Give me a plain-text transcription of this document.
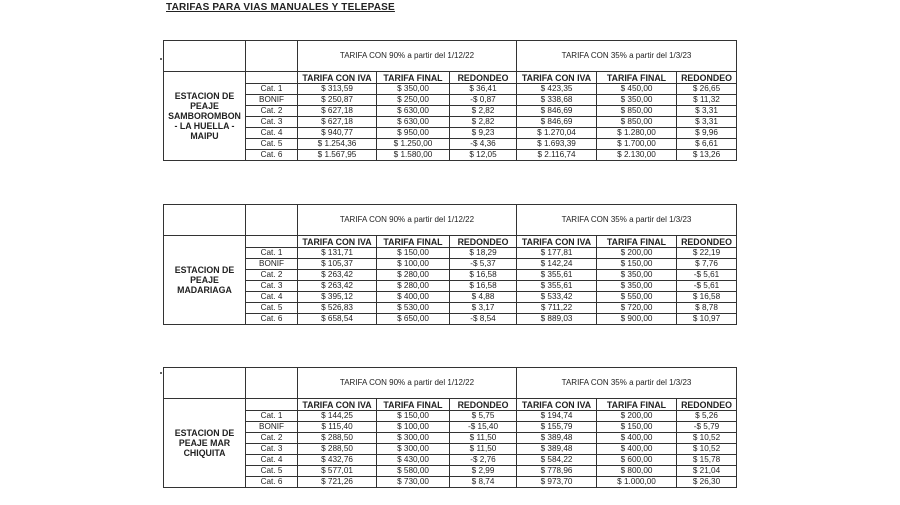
TARIFAS PARA VIAS MANUALES Y TELEPASE
		TARIFA CON 90% a partir del 1/12/22			TARIFA CON 35% a partir del 1/3/23		
ESTACION DE PEAJE SAMBOROMBON - LA HUELLA - MAIPU		TARIFA CON IVA	TARIFA FINAL	REDONDEO	TARIFA CON IVA	TARIFA FINAL	REDONDEO
	Cat. 1	$ 313,59	$ 350,00	$ 36,41	$ 423,35	$ 450,00	$ 26,65
	BONIF	$ 250,87	$ 250,00	-$ 0,87	$ 338,68	$ 350,00	$ 11,32
	Cat. 2	$ 627,18	$ 630,00	$ 2,82	$ 846,69	$ 850,00	$ 3,31
	Cat. 3	$ 627,18	$ 630,00	$ 2,82	$ 846,69	$ 850,00	$ 3,31
	Cat. 4	$ 940,77	$ 950,00	$ 9,23	$ 1.270,04	$ 1.280,00	$ 9,96
	Cat. 5	$ 1.254,36	$ 1.250,00	-$ 4,36	$ 1.693,39	$ 1.700,00	$ 6,61
	Cat. 6	$ 1.567,95	$ 1.580,00	$ 12,05	$ 2.116,74	$ 2.130,00	$ 13,26
		TARIFA CON 90% a partir del 1/12/22			TARIFA CON 35% a partir del 1/3/23		
ESTACION DE PEAJE MADARIAGA		TARIFA CON IVA	TARIFA FINAL	REDONDEO	TARIFA CON IVA	TARIFA FINAL	REDONDEO
	Cat. 1	$ 131,71	$ 150,00	$ 18,29	$ 177,81	$ 200,00	$ 22,19
	BONIF	$ 105,37	$ 100,00	-$ 5,37	$ 142,24	$ 150,00	$ 7,76
	Cat. 2	$ 263,42	$ 280,00	$ 16,58	$ 355,61	$ 350,00	-$ 5,61
	Cat. 3	$ 263,42	$ 280,00	$ 16,58	$ 355,61	$ 350,00	-$ 5,61
	Cat. 4	$ 395,12	$ 400,00	$ 4,88	$ 533,42	$ 550,00	$ 16,58
	Cat. 5	$ 526,83	$ 530,00	$ 3,17	$ 711,22	$ 720,00	$ 8,78
	Cat. 6	$ 658,54	$ 650,00	-$ 8,54	$ 889,03	$ 900,00	$ 10,97
		TARIFA CON 90% a partir del 1/12/22			TARIFA CON 35% a partir del 1/3/23		
ESTACION DE PEAJE MAR CHIQUITA		TARIFA CON IVA	TARIFA FINAL	REDONDEO	TARIFA CON IVA	TARIFA FINAL	REDONDEO
	Cat. 1	$ 144,25	$ 150,00	$ 5,75	$ 194,74	$ 200,00	$ 5,26
	BONIF	$ 115,40	$ 100,00	-$ 15,40	$ 155,79	$ 150,00	-$ 5,79
	Cat. 2	$ 288,50	$ 300,00	$ 11,50	$ 389,48	$ 400,00	$ 10,52
	Cat. 3	$ 288,50	$ 300,00	$ 11,50	$ 389,48	$ 400,00	$ 10,52
	Cat. 4	$ 432,76	$ 430,00	-$ 2,76	$ 584,22	$ 600,00	$ 15,78
	Cat. 5	$ 577,01	$ 580,00	$ 2,99	$ 778,96	$ 800,00	$ 21,04
	Cat. 6	$ 721,26	$ 730,00	$ 8,74	$ 973,70	$ 1.000,00	$ 26,30
